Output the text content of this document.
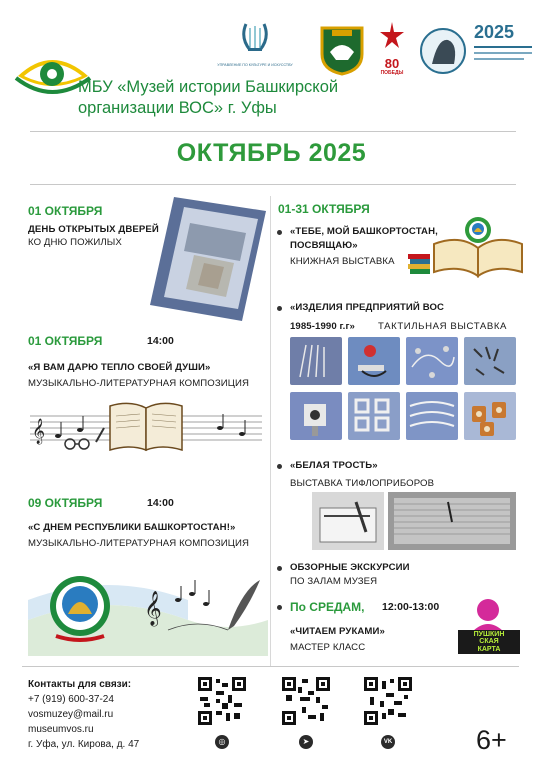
МБУ «Музей истории Башкирской
организации ВОС» г. Уфы
УПРАВЛЕНИЕ ПО КУЛЬТУРЕ И ИСКУССТВУ	80
ПОБЕДЫ
2025
ОКТЯБРЬ 2025
01 ОКТЯБРЯ
ДЕНЬ ОТКРЫТЫХ ДВЕРЕЙ
КО ДНЮ ПОЖИЛЫХ
01 ОКТЯБРЯ	14:00
«Я ВАМ ДАРЮ ТЕПЛО СВОЕЙ ДУШИ»
МУЗЫКАЛЬНО-ЛИТЕРАТУРНАЯ КОМПОЗИЦИЯ
𝄞
09 ОКТЯБРЯ	14:00
«С ДНЕМ РЕСПУБЛИКИ БАШКОРТОСТАН!»
МУЗЫКАЛЬНО-ЛИТЕРАТУРНАЯ КОМПОЗИЦИЯ
𝄞
01-31 ОКТЯБРЯ
«ТЕБЕ, МОЙ БАШКОРТОСТАН,
ПОСВЯЩАЮ»
КНИЖНАЯ ВЫСТАВКА
«ИЗДЕЛИЯ ПРЕДПРИЯТИЙ ВОС
1985-1990 г.г» ТАКТИЛЬНАЯ ВЫСТАВКА
«БЕЛАЯ ТРОСТЬ»
ВЫСТАВКА ТИФЛОПРИБОРОВ
ОБЗОРНЫЕ ЭКСКУРСИИ
ПО ЗАЛАМ МУЗЕЯ
По СРЕДАМ, 12:00-13:00
«ЧИТАЕМ РУКАМИ»
МАСТЕР КЛАСС
ПУШКИН
СКАЯ
КАРТА
Контакты для связи:
+7 (919) 600-37-24
vosmuzey@mail.ru
museumvos.ru
г. Уфа, ул. Кирова, д. 47	◎	➤	VK	6+
